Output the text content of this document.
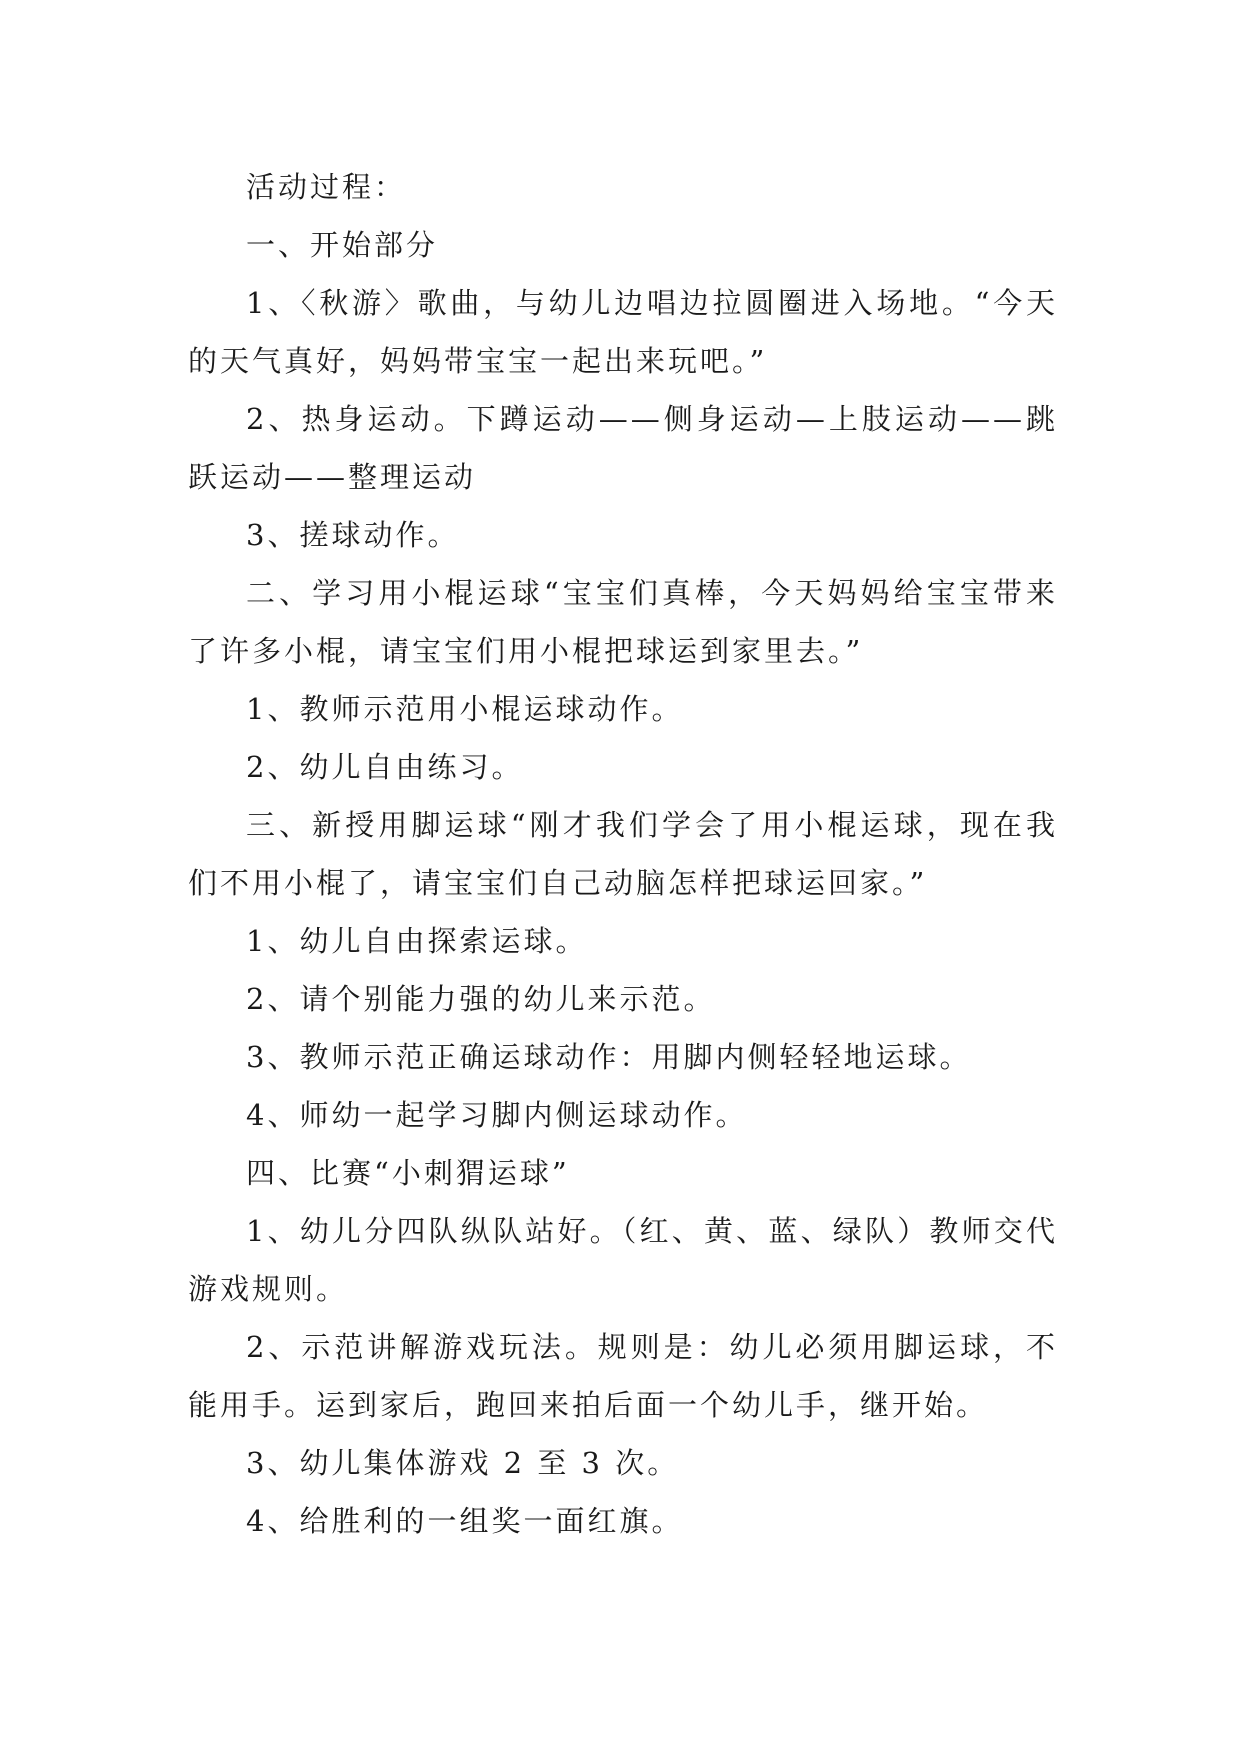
活动过程：

一、开始部分

1、〈秋游〉歌曲，与幼儿边唱边拉圆圈进入场地。“今天的天气真好，妈妈带宝宝一起出来玩吧。”

2、热身运动。下蹲运动——侧身运动—上肢运动——跳跃运动——整理运动

3、搓球动作。

二、学习用小棍运球“宝宝们真棒，今天妈妈给宝宝带来了许多小棍，请宝宝们用小棍把球运到家里去。”

1、教师示范用小棍运球动作。

2、幼儿自由练习。

三、新授用脚运球“刚才我们学会了用小棍运球，现在我们不用小棍了，请宝宝们自己动脑怎样把球运回家。”

1、幼儿自由探索运球。

2、请个别能力强的幼儿来示范。

3、教师示范正确运球动作：用脚内侧轻轻地运球。

4、师幼一起学习脚内侧运球动作。

四、比赛“小刺猬运球”

1、幼儿分四队纵队站好。（红、黄、蓝、绿队）教师交代游戏规则。

2、示范讲解游戏玩法。规则是：幼儿必须用脚运球，不能用手。运到家后，跑回来拍后面一个幼儿手，继开始。

3、幼儿集体游戏 2 至 3 次。

4、给胜利的一组奖一面红旗。
